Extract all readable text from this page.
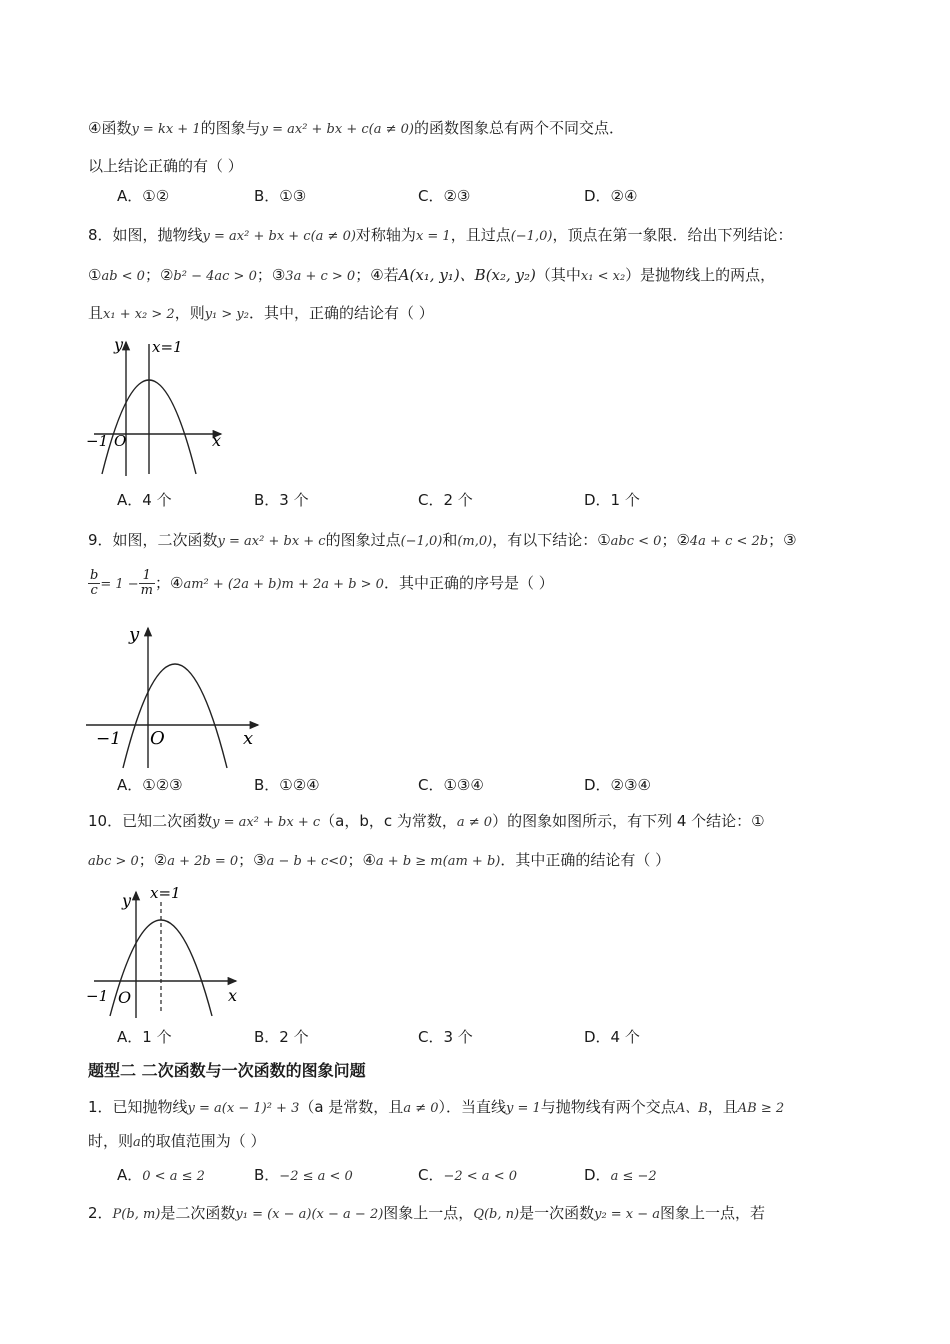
④函数y = kx + 1的图象与y = ax² + bx + c(a ≠ 0)的函数图象总有两个不同交点．
以上结论正确的有（ ）
A．①②	B．①③	C．②③	D．②④
8．如图，抛物线y = ax² + bx + c(a ≠ 0)对称轴为x = 1，且过点(−1,0)，顶点在第一象限．给出下列结论：
①ab < 0；②b² − 4ac > 0；③3a + c > 0；④若A(x₁, y₁)、B(x₂, y₂)（其中x₁ < x₂）是抛物线上的两点，
且x₁ + x₂ > 2，则y₁ > y₂．其中，正确的结论有（ ）
y
x
x=1
−1 O
A．4 个	B．3 个	C．2 个	D．1 个
9．如图，二次函数y = ax² + bx + c的图象过点(−1,0)和(m,0)，有以下结论：①abc < 0；②4a + c < 2b；③
$\frac{b}{c} = 1 - \frac{1}{m}$ ；④am² + (2a + b)m + 2a + b > 0．其中正确的序号是（ ）
y
x
−1 O
A．①②③	B．①②④	C．①③④	D．②③④
10．已知二次函数y = ax² + bx + c（a，b，c 为常数，a ≠ 0）的图象如图所示，有下列 4 个结论：①
abc > 0；②a + 2b = 0；③a − b + c<0；④a + b ≥ m(am + b)．其中正确的结论有（ ）
y
x
x=1
−1 O
A．1 个	B．2 个	C．3 个	D．4 个
题型二 二次函数与一次函数的图象问题
1．已知抛物线y = a(x − 1)² + 3（a 是常数，且a ≠ 0）．当直线y = 1与抛物线有两个交点A、B，且AB ≥ 2
时，则a的取值范围为（ ）
A．0 < a ≤ 2	B．−2 ≤ a < 0	C．−2 < a < 0	D．a ≤ −2
2．P(b, m)是二次函数y₁ = (x − a)(x − a − 2)图象上一点，Q(b, n)是一次函数y₂ = x − a图象上一点，若
